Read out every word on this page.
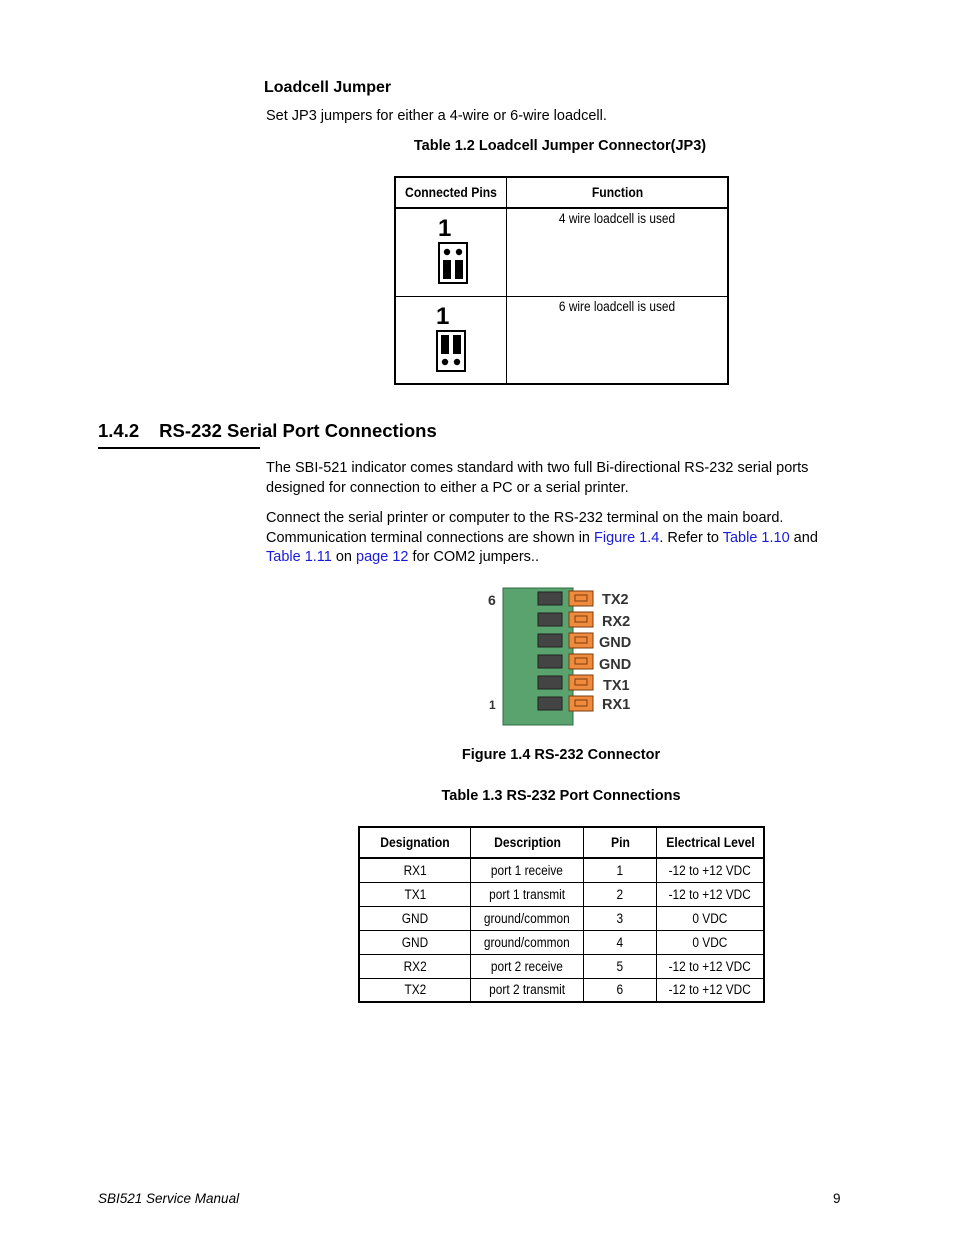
Loadcell Jumper
Set JP3 jumpers for either a 4-wire or 6-wire loadcell.
Table 1.2 Loadcell Jumper Connector(JP3)
Connected Pins	Function

1	4 wire loadcell is used

1	6 wire loadcell is used
1.4.2 RS-232 Serial Port Connections
The SBI-521 indicator comes standard with two full Bi-directional RS-232 serial ports designed for connection to either a PC or a serial printer.
Connect the serial printer or computer to the RS-232 terminal on the main board.
Communication terminal connections are shown in Figure 1.4. Refer to Table 1.10 and
Table 1.11 on page 12 for COM2 jumpers..
6
1
TX2
RX2
GND
GND
TX1
RX1
Figure 1.4 RS-232 Connector
Table 1.3 RS-232 Port Connections
Designation	Description	Pin	Electrical Level
RX1	port 1 receive	1	-12 to +12 VDC
TX1	port 1 transmit	2	-12 to +12 VDC
GND	ground/common	3	0 VDC
GND	ground/common	4	0 VDC
RX2	port 2 receive	5	-12 to +12 VDC
TX2	port 2 transmit	6	-12 to +12 VDC
SBI521 Service Manual	9
